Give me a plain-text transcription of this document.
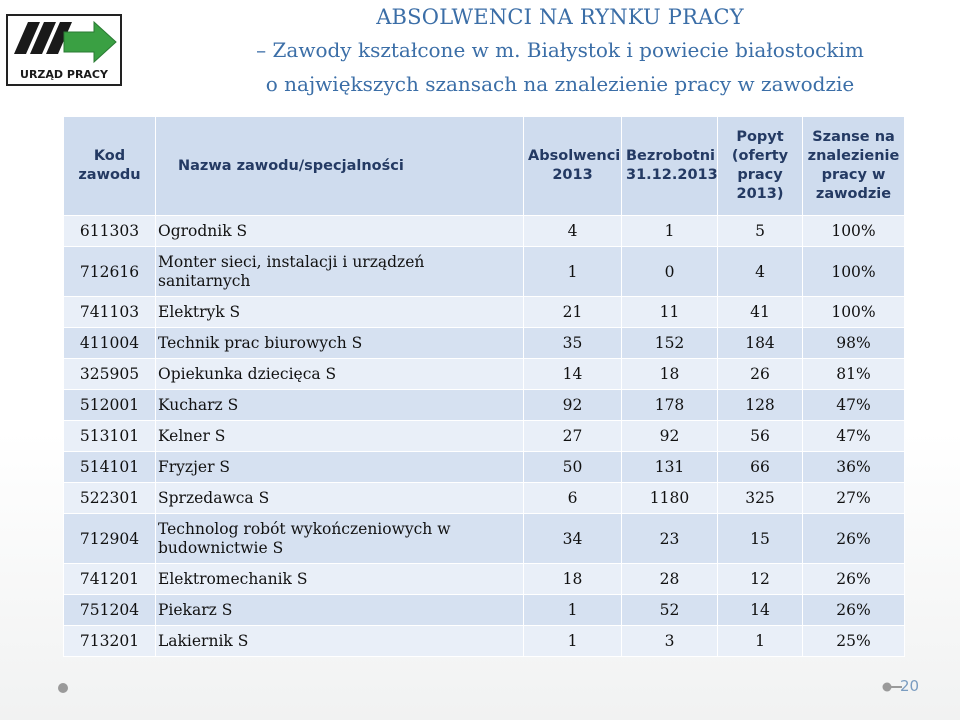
URZĄD PRACY
ABSOLWENCI NA RYNKU PRACY
– Zawody kształcone w m. Białystok i powiecie białostockim
o największych szansach na znalezienie pracy w zawodzie
Kod zawodu	Nazwa zawodu/specjalności	Absolwenci 2013	Bezrobotni 31.12.2013	Popyt (oferty pracy 2013)	Szanse na znalezienie pracy w zawodzie
611303	Ogrodnik S	4	1	5	100%
712616	Monter sieci, instalacji i urządzeń sanitarnych	1	0	4	100%
741103	Elektryk S	21	11	41	100%
411004	Technik prac biurowych S	35	152	184	98%
325905	Opiekunka dziecięca S	14	18	26	81%
512001	Kucharz S	92	178	128	47%
513101	Kelner S	27	92	56	47%
514101	Fryzjer S	50	131	66	36%
522301	Sprzedawca S	6	1180	325	27%
712904	Technolog robót wykończeniowych w budownictwie S	34	23	15	26%
741201	Elektromechanik S	18	28	12	26%
751204	Piekarz S	1	52	14	26%
713201	Lakiernik S	1	3	1	25%
20
